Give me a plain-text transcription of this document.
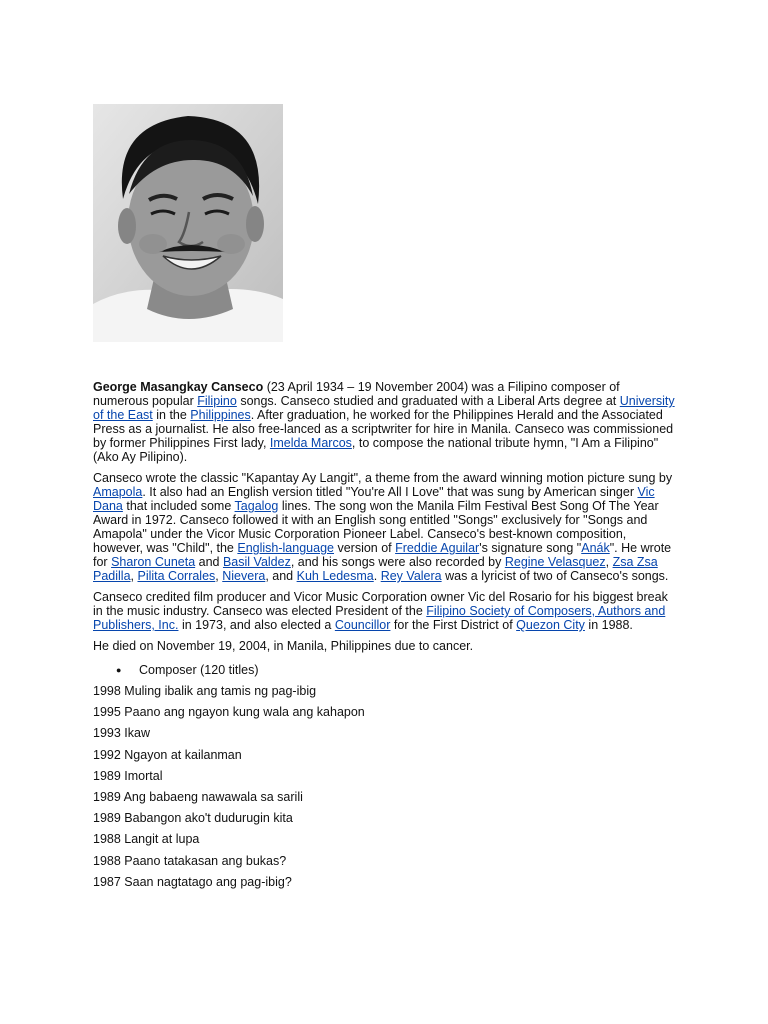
George Masangkay Canseco (23 April 1934 – 19 November 2004) was a Filipino composer of numerous popular Filipino songs. Canseco studied and graduated with a Liberal Arts degree at University of the East in the Philippines. After graduation, he worked for the Philippines Herald and the Associated Press as a journalist. He also free-lanced as a scriptwriter for hire in Manila. Canseco was commissioned by former Philippines First lady, Imelda Marcos, to compose the national tribute hymn, "I Am a Filipino" (Ako Ay Pilipino).

Canseco wrote the classic "Kapantay Ay Langit", a theme from the award winning motion picture sung by Amapola. It also had an English version titled "You're All I Love" that was sung by American singer Vic Dana that included some Tagalog lines. The song won the Manila Film Festival Best Song Of The Year Award in 1972. Canseco followed it with an English song entitled "Songs" exclusively for "Songs and Amapola" under the Vicor Music Corporation Pioneer Label. Canseco's best-known composition, however, was "Child", the English-language version of Freddie Aguilar's signature song "Anák". He wrote for Sharon Cuneta and Basil Valdez, and his songs were also recorded by Regine Velasquez, Zsa Zsa Padilla, Pilita Corrales, Nievera, and Kuh Ledesma. Rey Valera was a lyricist of two of Canseco's songs.

Canseco credited film producer and Vicor Music Corporation owner Vic del Rosario for his biggest break in the music industry. Canseco was elected President of the Filipino Society of Composers, Authors and Publishers, Inc. in 1973, and also elected a Councillor for the First District of Quezon City in 1988.

He died on November 19, 2004, in Manila, Philippines due to cancer.

● Composer (120 titles)
1998 Muling ibalik ang tamis ng pag-ibig
1995 Paano ang ngayon kung wala ang kahapon
1993 Ikaw
1992 Ngayon at kailanman
1989 Imortal
1989 Ang babaeng nawawala sa sarili
1989 Babangon ako't dudurugin kita
1988 Langit at lupa
1988 Paano tatakasan ang bukas?
1987 Saan nagtatago ang pag-ibig?
